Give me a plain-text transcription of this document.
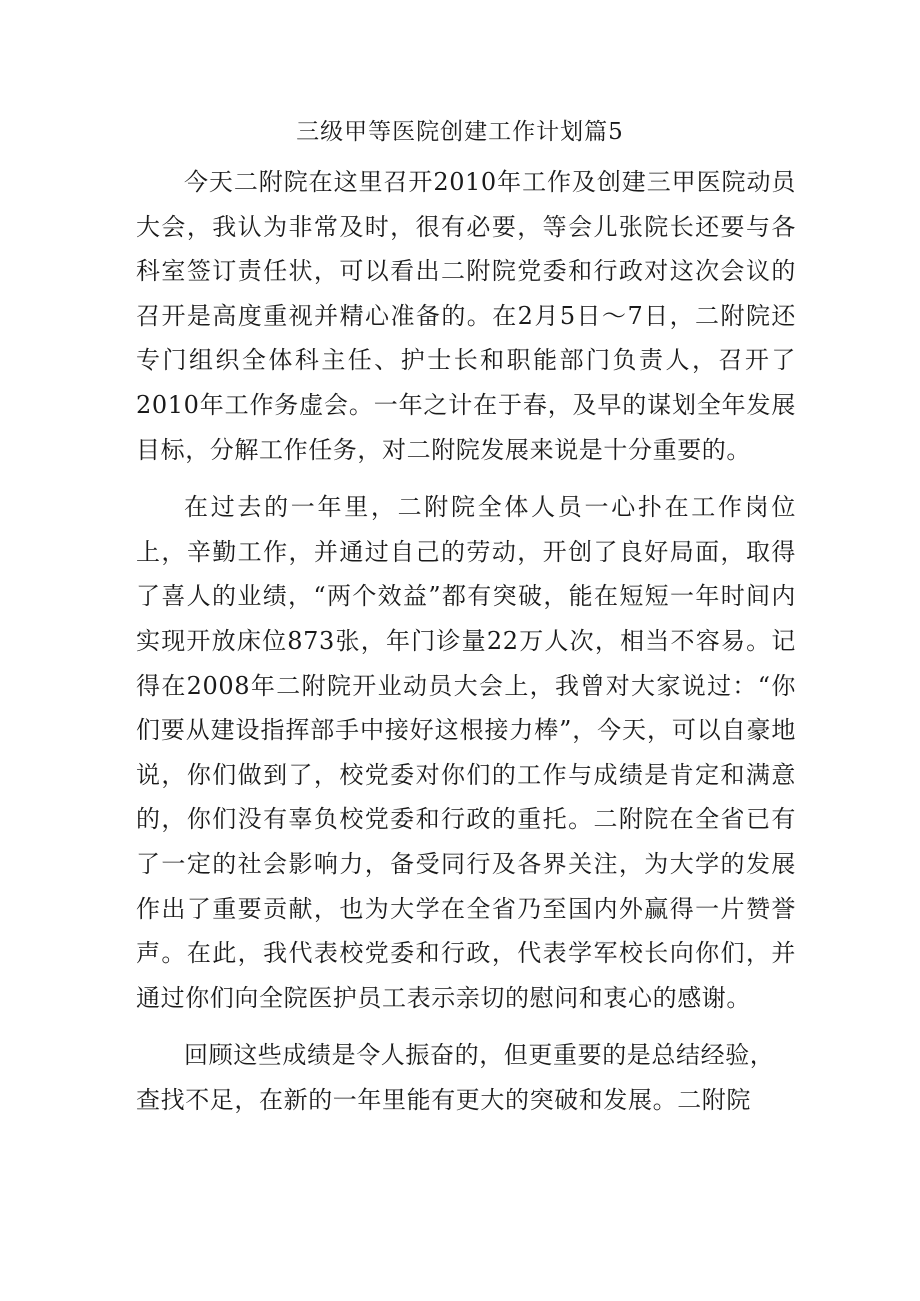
三级甲等医院创建工作计划篇5

今天二附院在这里召开2010年工作及创建三甲医院动员大会，我认为非常及时，很有必要，等会儿张院长还要与各科室签订责任状，可以看出二附院党委和行政对这次会议的召开是高度重视并精心准备的。在2月5日～7日，二附院还专门组织全体科主任、护士长和职能部门负责人，召开了2010年工作务虚会。一年之计在于春，及早的谋划全年发展目标，分解工作任务，对二附院发展来说是十分重要的。

在过去的一年里，二附院全体人员一心扑在工作岗位上，辛勤工作，并通过自己的劳动，开创了良好局面，取得了喜人的业绩，“两个效益”都有突破，能在短短一年时间内实现开放床位873张，年门诊量22万人次，相当不容易。记得在2008年二附院开业动员大会上，我曾对大家说过：“你们要从建设指挥部手中接好这根接力棒”，今天，可以自豪地说，你们做到了，校党委对你们的工作与成绩是肯定和满意的，你们没有辜负校党委和行政的重托。二附院在全省已有了一定的社会影响力，备受同行及各界关注，为大学的发展作出了重要贡献，也为大学在全省乃至国内外赢得一片赞誉声。在此，我代表校党委和行政，代表学军校长向你们，并通过你们向全院医护员工表示亲切的慰问和衷心的感谢。

回顾这些成绩是令人振奋的，但更重要的是总结经验，查找不足，在新的一年里能有更大的突破和发展。二附院
